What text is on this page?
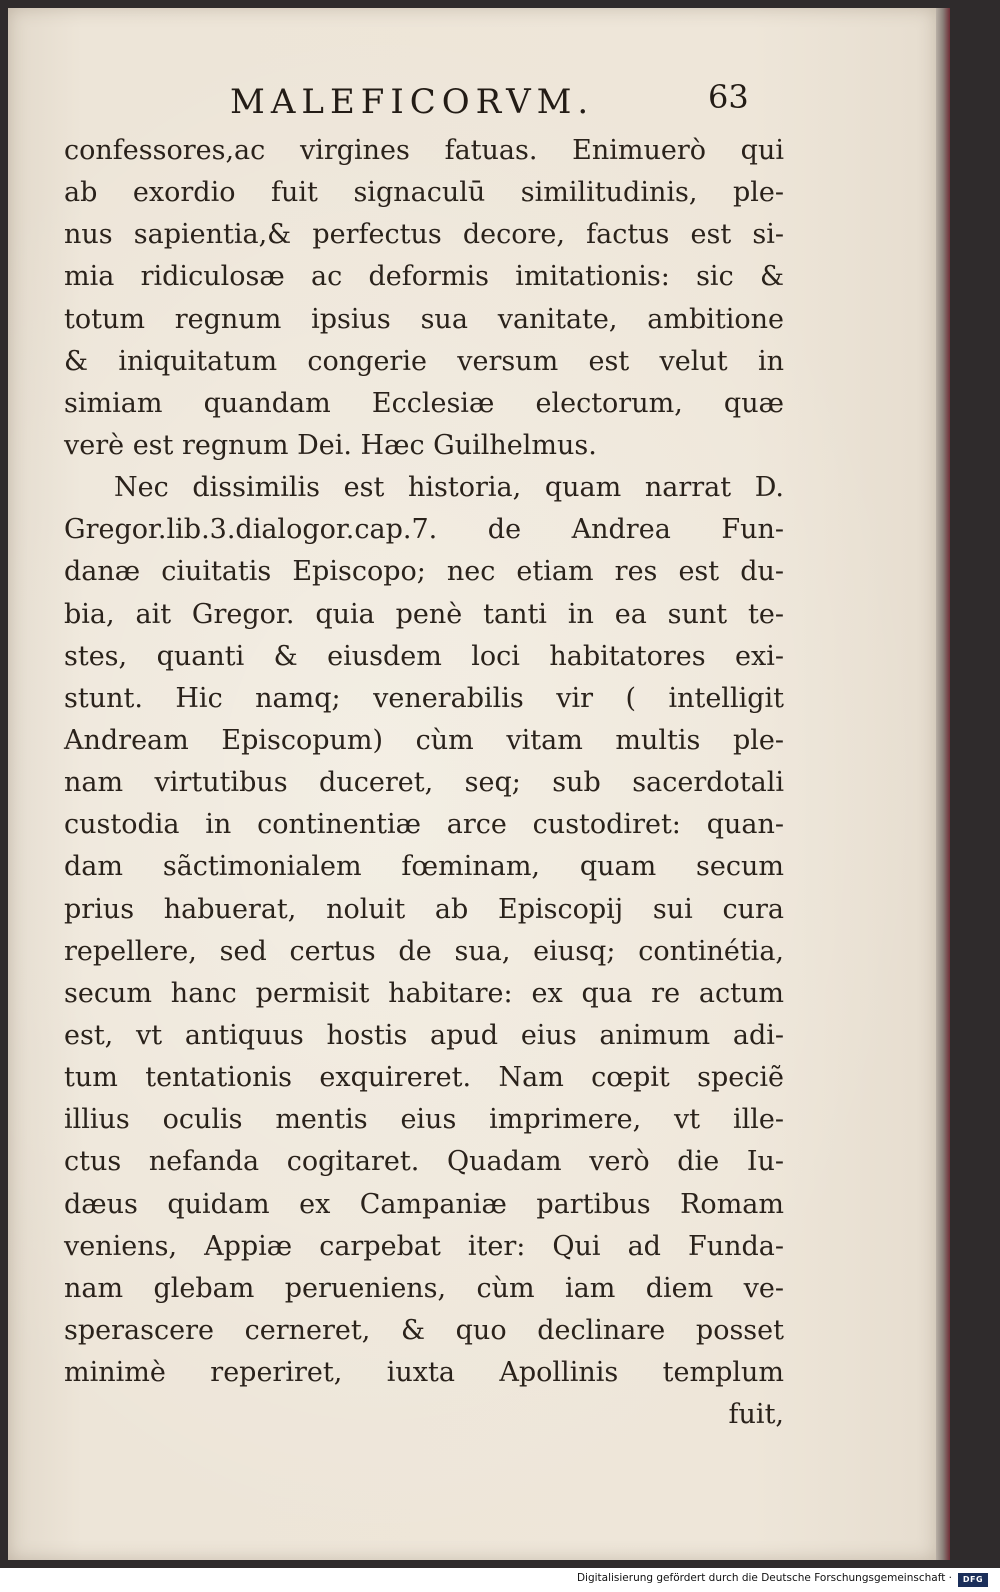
MALEFICORVM.	63
confessores,ac virgines fatuas. Enimuerò qui
ab exordio fuit signaculū similitudinis, ple-
nus sapientia,& perfectus decore, factus est si-
mia ridiculosæ ac deformis imitationis: sic &
totum regnum ipsius sua vanitate, ambitione
& iniquitatum congerie versum est velut in
simiam quandam Ecclesiæ electorum, quæ
verè est regnum Dei. Hæc Guilhelmus.
Nec dissimilis est historia, quam narrat D.
Gregor.lib.3.dialogor.cap.7. de Andrea Fun-
danæ ciuitatis Episcopo; nec etiam res est du-
bia, ait Gregor. quia penè tanti in ea sunt te-
stes, quanti & eiusdem loci habitatores exi-
stunt. Hic namq; venerabilis vir ( intelligit
Andream Episcopum) cùm vitam multis ple-
nam virtutibus duceret, seq; sub sacerdotali
custodia in continentiæ arce custodiret: quan-
dam sãctimonialem fœminam, quam secum
prius habuerat, noluit ab Episcopij sui cura
repellere, sed certus de sua, eiusq; continétia,
secum hanc permisit habitare: ex qua re actum
est, vt antiquus hostis apud eius animum adi-
tum tentationis exquireret. Nam cœpit speciẽ
illius oculis mentis eius imprimere, vt ille-
ctus nefanda cogitaret. Quadam verò die Iu-
dæus quidam ex Campaniæ partibus Romam
veniens, Appiæ carpebat iter: Qui ad Funda-
nam glebam perueniens, cùm iam diem ve-
sperascere cerneret, & quo declinare posset
minimè reperiret, iuxta Apollinis templum
fuit,
Digitalisierung gefördert durch die Deutsche Forschungsgemeinschaft ·	DFG
